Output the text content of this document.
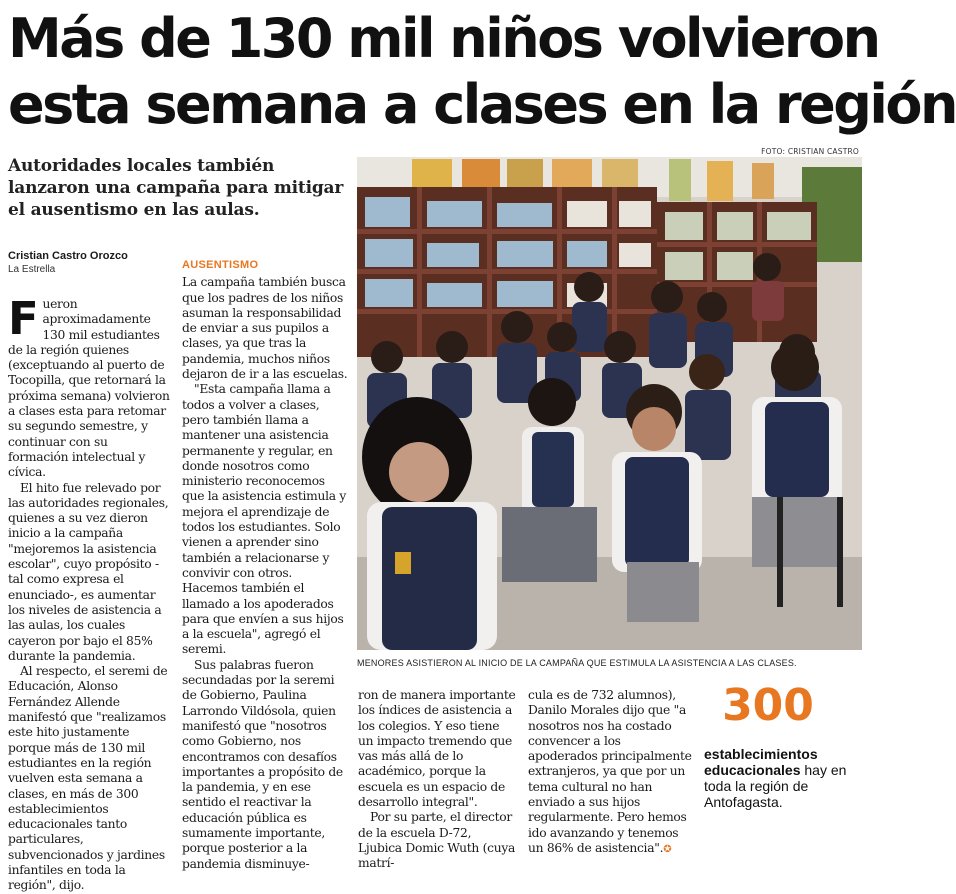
Más de 130 mil niños volvieron
esta semana a clases en la región
FOTO: CRISTIAN CASTRO
Autoridades locales también lanzaron una campaña para mitigar el ausentismo en las aulas.
Cristian Castro Orozco
La Estrella

Fueron aproximadamente 130 mil estudiantes de la región quienes (exceptuando al puerto de Tocopilla, que retornará la próxima semana) volvieron a clases esta para retomar su segundo semestre, y continuar con su formación intelectual y cívica.

El hito fue relevado por las autoridades regionales, quienes a su vez dieron inicio a la campaña "mejoremos la asistencia escolar", cuyo propósito -tal como expresa el enunciado-, es aumentar los niveles de asistencia a las aulas, los cuales cayeron por bajo el 85% durante la pandemia.

Al respecto, el seremi de Educación, Alonso Fernández Allende manifestó que "realizamos este hito justamente porque más de 130 mil estudiantes en la región vuelven esta semana a clases, en más de 300 establecimientos educacionales tanto particulares, subvencionados y jardines infantiles en toda la región", dijo.

AUSENTISMO

La campaña también busca que los padres de los niños asuman la responsabilidad de enviar a sus pupilos a clases, ya que tras la pandemia, muchos niños dejaron de ir a las escuelas.

"Esta campaña llama a todos a volver a clases, pero también llama a mantener una asistencia permanente y regular, en donde nosotros como ministerio reconocemos que la asistencia estimula y mejora el aprendizaje de todos los estudiantes. Solo vienen a aprender sino también a relacionarse y convivir con otros. Hacemos también el llamado a los apoderados para que envíen a sus hijos a la escuela", agregó el seremi.

Sus palabras fueron secundadas por la seremi de Gobierno, Paulina Larrondo Vildósola, quien manifestó que "nosotros como Gobierno, nos encontramos con desafíos importantes a propósito de la pandemia, y en ese sentido el reactivar la educación pública es sumamente importante, porque posterior a la pandemia disminuye-

MENORES ASISTIERON AL INICIO DE LA CAMPAÑA QUE ESTIMULA LA ASISTENCIA A LAS CLASES.

ron de manera importante los índices de asistencia a los colegios. Y eso tiene un impacto tremendo que vas más allá de lo académico, porque la escuela es un espacio de desarrollo integral".

Por su parte, el director de la escuela D-72, Ljubica Domic Wuth (cuya matrí-

cula es de 732 alumnos), Danilo Morales dijo que "a nosotros nos ha costado convencer a los apoderados principalmente extranjeros, ya que por un tema cultural no han enviado a sus hijos regularmente. Pero hemos ido avanzando y tenemos un 86% de asistencia".✪

300
establecimientos educacionales hay en toda la región de Antofagasta.
